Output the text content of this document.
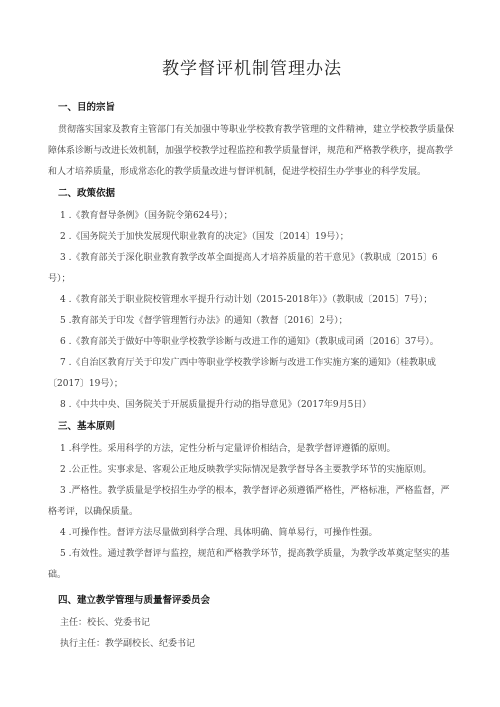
教学督评机制管理办法
一、目的宗旨
贯彻落实国家及教育主管部门有关加强中等职业学校教育教学管理的文件精神，建立学校教学质量保障体系诊断与改进长效机制，加强学校教学过程监控和教学质量督评，规范和严格教学秩序，提高教学和人才培养质量，形成常态化的教学质量改进与督评机制，促进学校招生办学事业的科学发展。
二、政策依据
1 .《教育督导条例》（国务院令第624号）；
2 .《国务院关于加快发展现代职业教育的决定》（国发〔2014〕19号）；
3 .《教育部关于深化职业教育教学改革全面提高人才培养质量的若干意见》（教职成〔2015〕6号）；
4 .《教育部关于职业院校管理水平提升行动计划（2015-2018年）》（教职成〔2015〕7号）；
5 .教育部关于印发《督学管理暂行办法》的通知（教督〔2016〕2号）；
6 .《教育部关于做好中等职业学校教学诊断与改进工作的通知》（教职成司函〔2016〕37号）。
7 .《自治区教育厅关于印发广西中等职业学校教学诊断与改进工作实施方案的通知》（桂教职成〔2017〕19号）；
8 .《中共中央、国务院关于开展质量提升行动的指导意见》（2017年9月5日）
三、基本原则
1 .科学性。采用科学的方法，定性分析与定量评价相结合，是教学督评遵循的原则。
2 .公正性。实事求是、客观公正地反映教学实际情况是教学督导各主要教学环节的实施原则。
3 .严格性。教学质量是学校招生办学的根本，教学督评必须遵循严格性，严格标准，严格监督，严格考评，以确保质量。
4 .可操作性。督评方法尽量做到科学合理、具体明确、简单易行，可操作性强。
5 .有效性。通过教学督评与监控，规范和严格教学环节，提高教学质量，为教学改革奠定坚实的基础。
四、建立教学管理与质量督评委员会
主任：校长、党委书记
执行主任：教学副校长、纪委书记
